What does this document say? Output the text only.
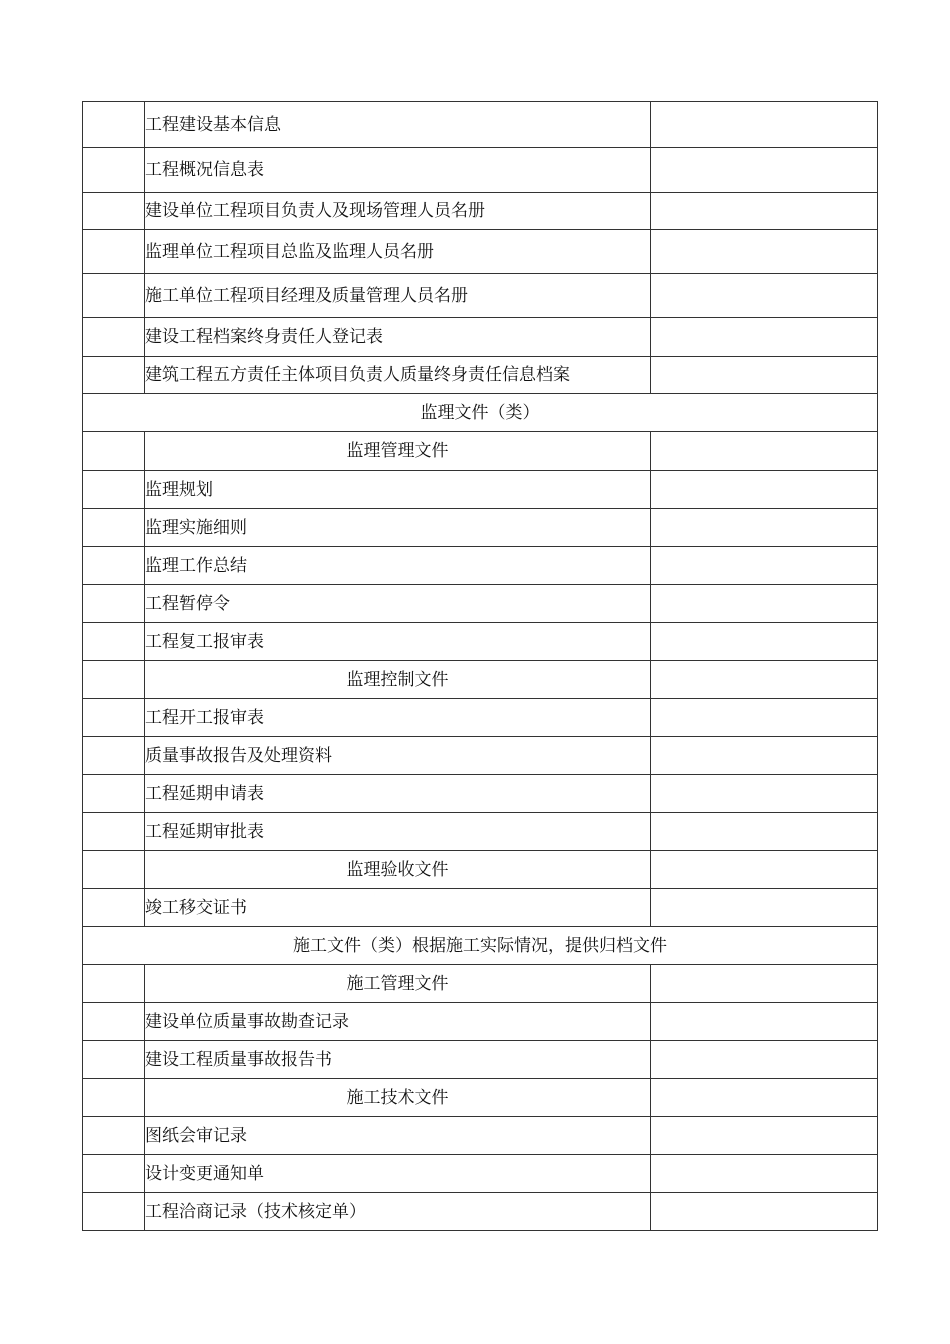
	工程建设基本信息	
	工程概况信息表	
	建设单位工程项目负责人及现场管理人员名册	
	监理单位工程项目总监及监理人员名册	
	施工单位工程项目经理及质量管理人员名册	
	建设工程档案终身责任人登记表	
	建筑工程五方责任主体项目负责人质量终身责任信息档案	
监理文件（类）		
	监理管理文件	
	监理规划	
	监理实施细则	
	监理工作总结	
	工程暂停令	
	工程复工报审表	
	监理控制文件	
	工程开工报审表	
	质量事故报告及处理资料	
	工程延期申请表	
	工程延期审批表	
	监理验收文件	
	竣工移交证书	
施工文件（类）根据施工实际情况，提供归档文件		
	施工管理文件	
	建设单位质量事故勘查记录	
	建设工程质量事故报告书	
	施工技术文件	
	图纸会审记录	
	设计变更通知单	
	工程洽商记录（技术核定单）	
